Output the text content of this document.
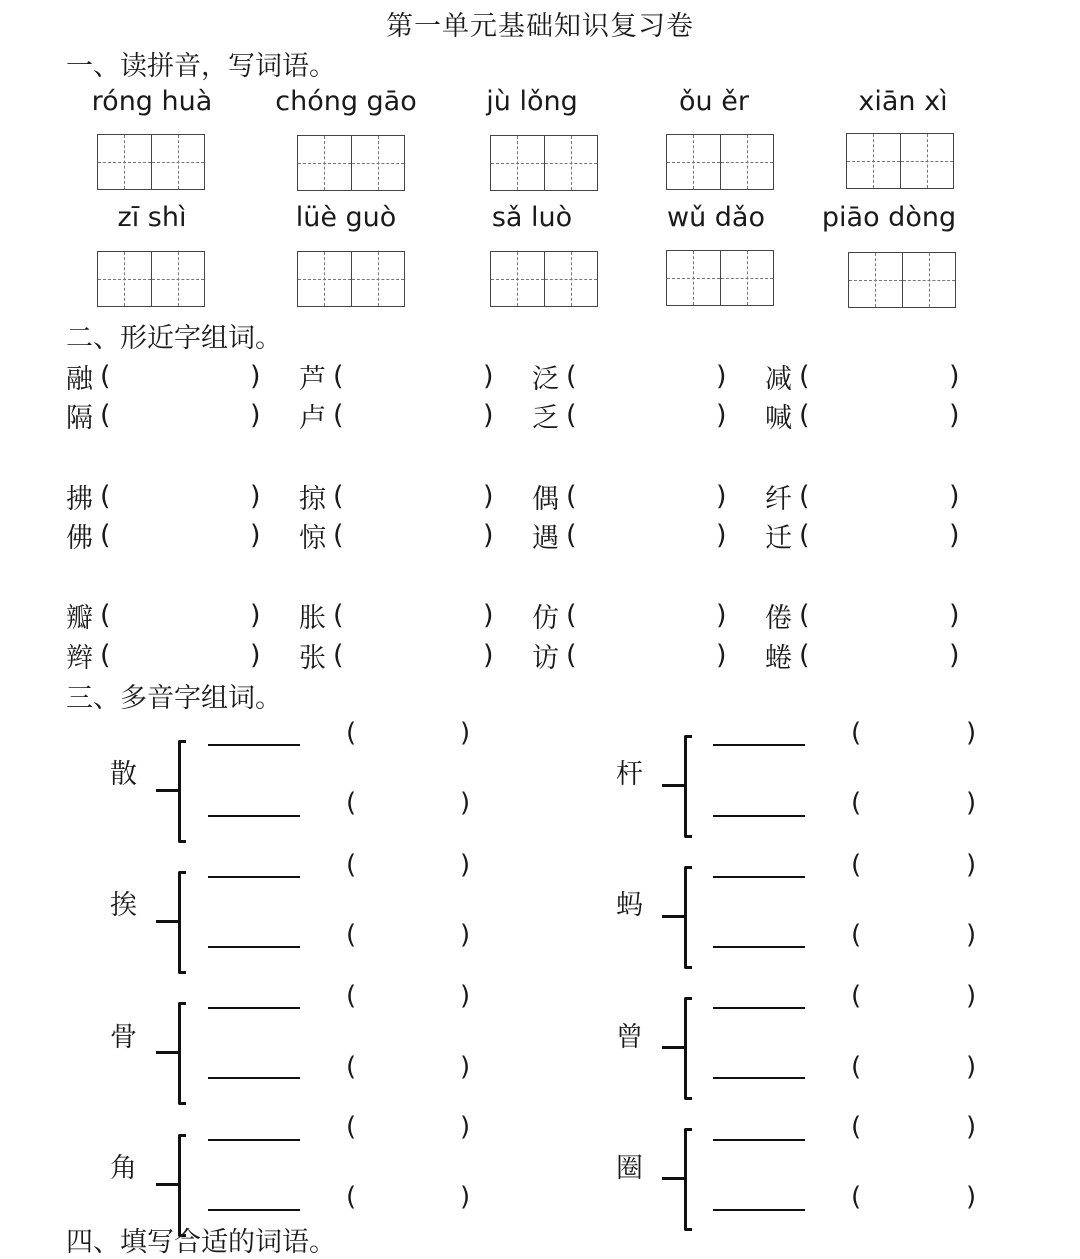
第一单元基础知识复习卷
一、读拼音，写词语。
róng huà	chóng gāo	jù lǒng	ǒu ěr	xiān xì
zī shì	lüè guò	sǎ luò	wǔ dǎo	piāo dòng
二、形近字组词。
融 (	) 芦 (	) 泛 (	) 减 (	)
隔 (	) 卢 (	) 乏 (	) 喊 (	)
拂 (	) 掠 (	) 偶 (	) 纤 (	)
佛 (	) 惊 (	) 遇 (	) 迁 (	)
瓣 (	) 胀 (	) 仿 (	) 倦 (	)
辫 (	) 张 (	) 访 (	) 蜷 (	)
三、多音字组词。
散
(	)
(	)
挨
(	)
(	)
骨
(	)
(	)
角
(	)
(	)
杆
(	)
(	)
蚂
(	)
(	)
曾
(	)
(	)
圈
(	)
(	)
四、填写合适的词语。
